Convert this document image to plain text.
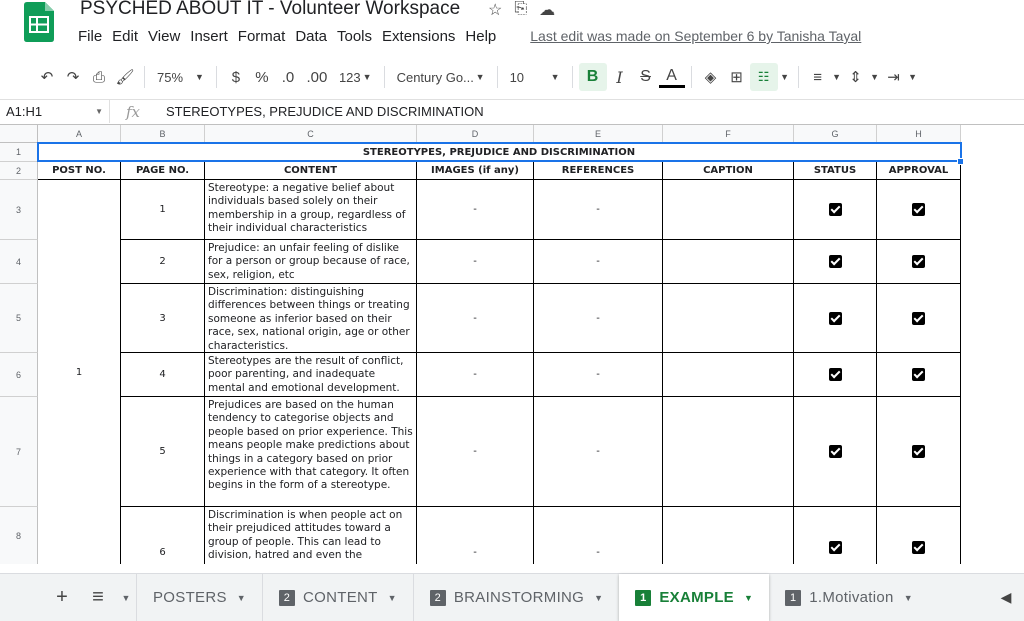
PSYCHED ABOUT IT - Volunteer Workspace ☆ ⎘ ☁
File Edit View Insert Format Data Tools Extensions Help	Last edit was made on September 6 by Tanisha Tayal
↶ ↷ ⎙ 🖌 75% ▼	$	% .0 .00 123 ▼ Century Go... ▼ 10	▼	B	I	S A	◈ ⊞	☷	▼	≡	▼ ⇕ ▼ ⇥ ▼
A1:H1	▼	fx	STEREOTYPES, PREJUDICE AND DISCRIMINATION
A	B	C	D	E	F	G	H
1
2
3
4
5
6
7
8
STEREOTYPES, PREJUDICE AND DISCRIMINATION
POST NO.	PAGE NO.	CONTENT	IMAGES (if any)	REFERENCES	CAPTION	STATUS	APPROVAL
1
1
Stereotype: a negative belief about individuals based solely on their membership in a group, regardless of their individual characteristics
-	-
2
Prejudice: an unfair feeling of dislike for a person or group because of race, sex, religion, etc
-	-
3
Discrimination: distinguishing differences between things or treating someone as inferior based on their race, sex, national origin, age or other characteristics.
-	-
4
Stereotypes are the result of conflict, poor parenting, and inadequate mental and emotional development.
-	-
5
Prejudices are based on the human tendency to categorise objects and people based on prior experience. This means people make predictions about things in a category based on prior experience with that category. It often begins in the form of a stereotype.
-	-
6
Discrimination is when people act on their prejudiced attitudes toward a group of people. This can lead to division, hatred and even the	-	-
+	≡	▼	POSTERS ▼	2 CONTENT ▼	2 BRAINSTORMING ▼	1 EXAMPLE ▼	1 1.Motivation ▼	◀
